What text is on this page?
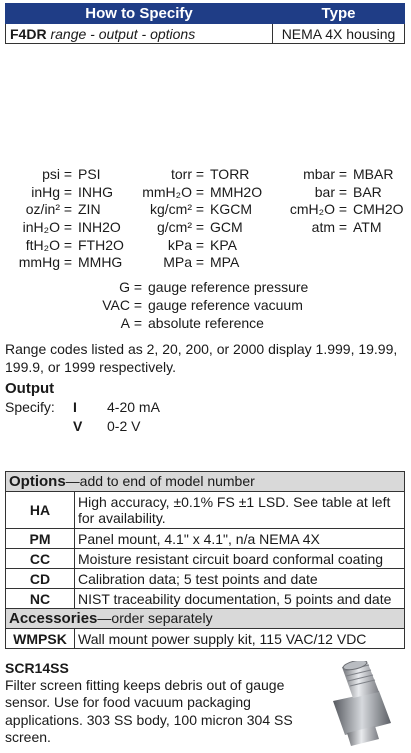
How to Specify	Type
F4DR range - output - options	NEMA 4X housing
psi = PSI	torr = TORR	mbar = MBAR
inHg = INHG	mmH₂O = MMH2O	bar = BAR
oz/in² = ZIN	kg/cm² = KGCM	cmH₂O = CMH2O
inH₂O = INH2O	g/cm² = GCM	atm = ATM
ftH₂O = FTH2O	kPa = KPA
mmHg = MMHG	MPa = MPA
G = gauge reference pressure
VAC = gauge reference vacuum
A = absolute reference
Range codes listed as 2, 20, 200, or 2000 display 1.999, 19.99, 199.9, or 1999 respectively.
Output
Specify: I 4-20 mA
V 0-2 V
Options—add to end of model number	
HA	High accuracy, ±0.1% FS ±1 LSD. See table at left for availability.
PM	Panel mount, 4.1" x 4.1", n/a NEMA 4X
CC	Moisture resistant circuit board conformal coating
CD	Calibration data; 5 test points and date
NC	NIST traceability documentation, 5 points and date
Accessories—order separately	
WMPSK	Wall mount power supply kit, 115 VAC/12 VDC
SCR14SS
Filter screen fitting keeps debris out of gauge sensor. Use for food vacuum packaging applications. 303 SS body, 100 micron 304 SS screen.
